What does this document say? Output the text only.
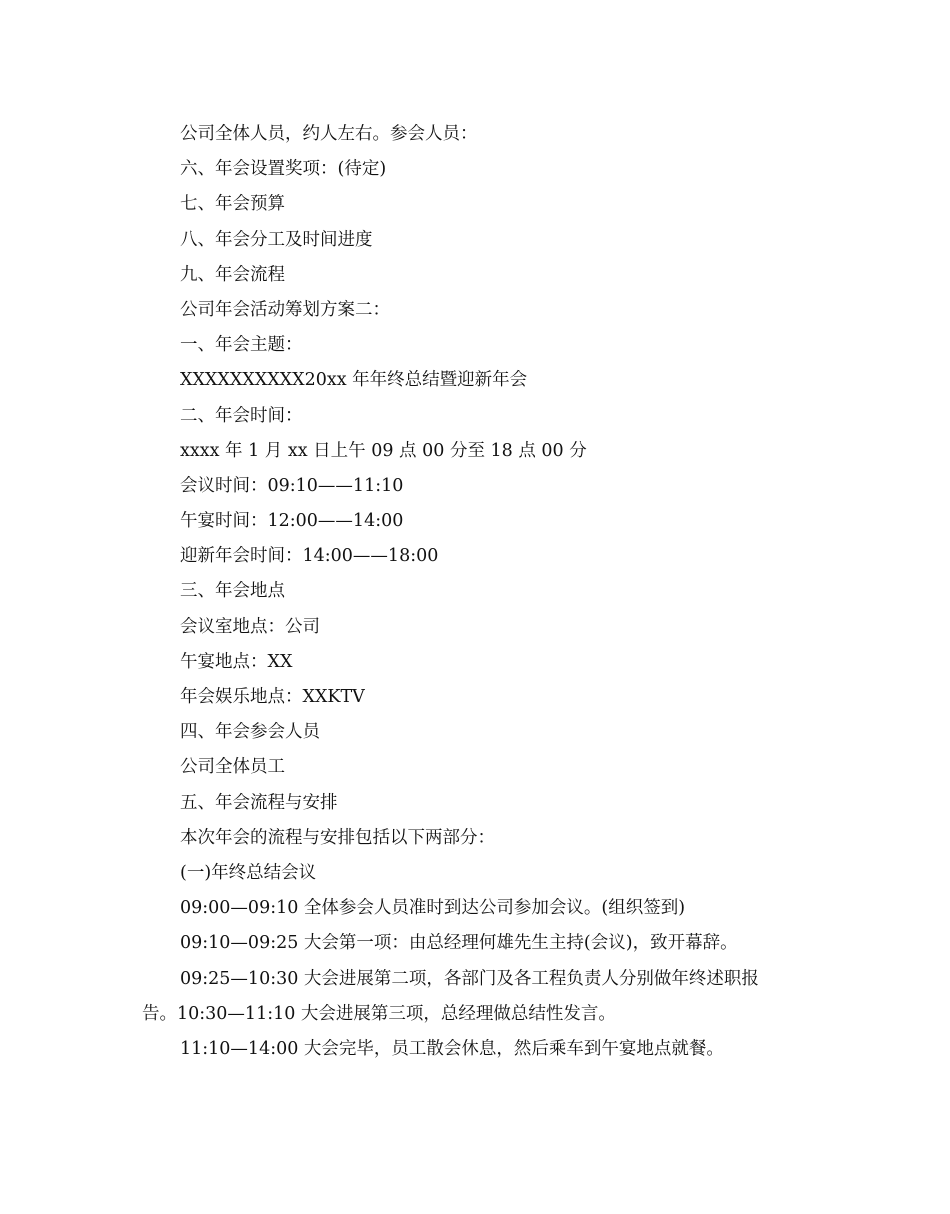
公司全体人员，约人左右。参会人员：
六、年会设置奖项：(待定)
七、年会预算
八、年会分工及时间进度
九、年会流程
公司年会活动筹划方案二：
一、年会主题：
XXXXXXXXXX20xx 年年终总结暨迎新年会
二、年会时间：
xxxx 年 1 月 xx 日上午 09 点 00 分至 18 点 00 分
会议时间：09:10——11:10
午宴时间：12:00——14:00
迎新年会时间：14:00——18:00
三、年会地点
会议室地点：公司
午宴地点：XX
年会娱乐地点：XXKTV
四、年会参会人员
公司全体员工
五、年会流程与安排
本次年会的流程与安排包括以下两部分：
(一)年终总结会议
09:00—09:10 全体参会人员准时到达公司参加会议。(组织签到)
09:10—09:25 大会第一项：由总经理何雄先生主持(会议)，致开幕辞。
09:25—10:30 大会进展第二项，各部门及各工程负责人分别做年终述职报
告。10:30—11:10 大会进展第三项，总经理做总结性发言。
11:10—14:00 大会完毕，员工散会休息，然后乘车到午宴地点就餐。
